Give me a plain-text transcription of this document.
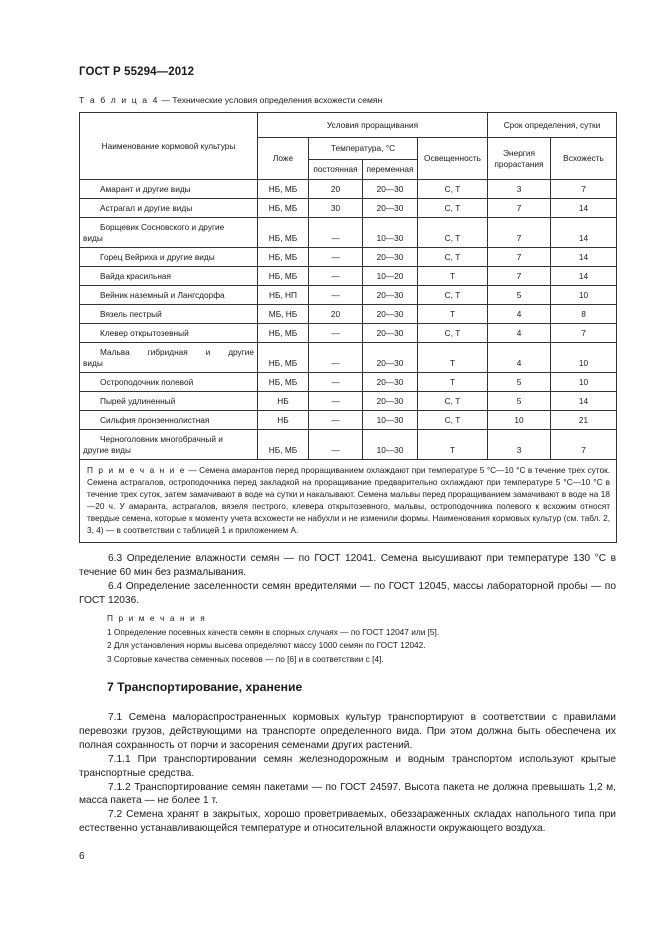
ГОСТ Р 55294—2012
Т а б л и ц а 4 — Технические условия определения всхожести семян
Наименование кормовой культуры	Условия проращивания				Срок определения, сутки	
	Ложе	Температура, °С		Освещенность	Энергия прорастания	Всхожесть
		постоянная	переменная			
Амарант и другие виды	НБ, МБ	20	20—30	С, Т	3	7
Астрагал и другие виды	НБ, МБ	30	20—30	С, Т	7	14

Борщевик Сосновского и другие
виды	НБ, МБ	—	10—30	С, Т	7	14
Горец Вейриха и другие виды	НБ, МБ	—	20—30	С, Т	7	14
Вайда красильная	НБ, МБ	—	10—20	Т	7	14
Вейник наземный и Лангсдорфа	НБ, НП	—	20—30	С, Т	5	10
Вязель пестрый	МБ, НБ	20	20—30	Т	4	8
Клевер открытозевный	НБ, МБ	—	20—30	С, Т	4	7

Мальва гибридная и другие
виды	НБ, МБ	—	20—30	Т	4	10
Остроподочник полевой	НБ, МБ	—	20—30	Т	5	10
Пырей удлиненный	НБ	—	20—30	С, Т	5	14
Сильфия пронзеннолистная	НБ	—	10—30	С, Т	10	21

Черноголовник многобрачный и
другие виды	НБ, МБ	—	10—30	Т	3	7
П р и м е ч а н и е — Семена амарантов перед проращиванием охлаждают при температуре 5 °С—10 °С в течение трех суток. Семена астрагалов, остроподочника перед закладкой на проращивание предварительно охлаждают при температуре 5 °С—10 °С в течение трех суток, затем замачивают в воде на сутки и накалывают. Семена мальвы перед проращиванием замачивают в воде на 18—20 ч. У амаранта, астрагалов, вязеля пестрого, клевера открытозевного, мальвы, остроподочника полевого к всхожим относят твердые семена, которые к моменту учета всхожести не набухли и не изменили формы. Наименования кормовых культур (см. табл. 2, 3, 4) — в соответствии с таблицей 1 и приложением А.						

6.3 Определение влажности семян — по ГОСТ 12041. Семена высушивают при температуре 130 °С в течение 60 мин без размалывания.

6.4 Определение заселенности семян вредителями — по ГОСТ 12045, массы лабораторной пробы — по ГОСТ 12036.

П р и м е ч а н и я
1 Определение посевных качеств семян в спорных случаях — по ГОСТ 12047 или [5].
2 Для установления нормы высева определяют массу 1000 семян по ГОСТ 12042.
3 Сортовые качества семенных посевов — по [6] и в соответствии с [4].
7 Транспортирование, хранение

7.1 Семена малораспространенных кормовых культур транспортируют в соответствии с правилами перевозки грузов, действующими на транспорте определенного вида. При этом должна быть обеспечена их полная сохранность от порчи и засорения семенами других растений.

7.1.1 При транспортировании семян железнодорожным и водным транспортом используют крытые транспортные средства.

7.1.2 Транспортирование семян пакетами — по ГОСТ 24597. Высота пакета не должна превышать 1,2 м, масса пакета — не более 1 т.

7.2 Семена хранят в закрытых, хорошо проветриваемых, обеззараженных складах напольного типа при естественно устанавливающейся температуре и относительной влажности окружающего воздуха.

6
